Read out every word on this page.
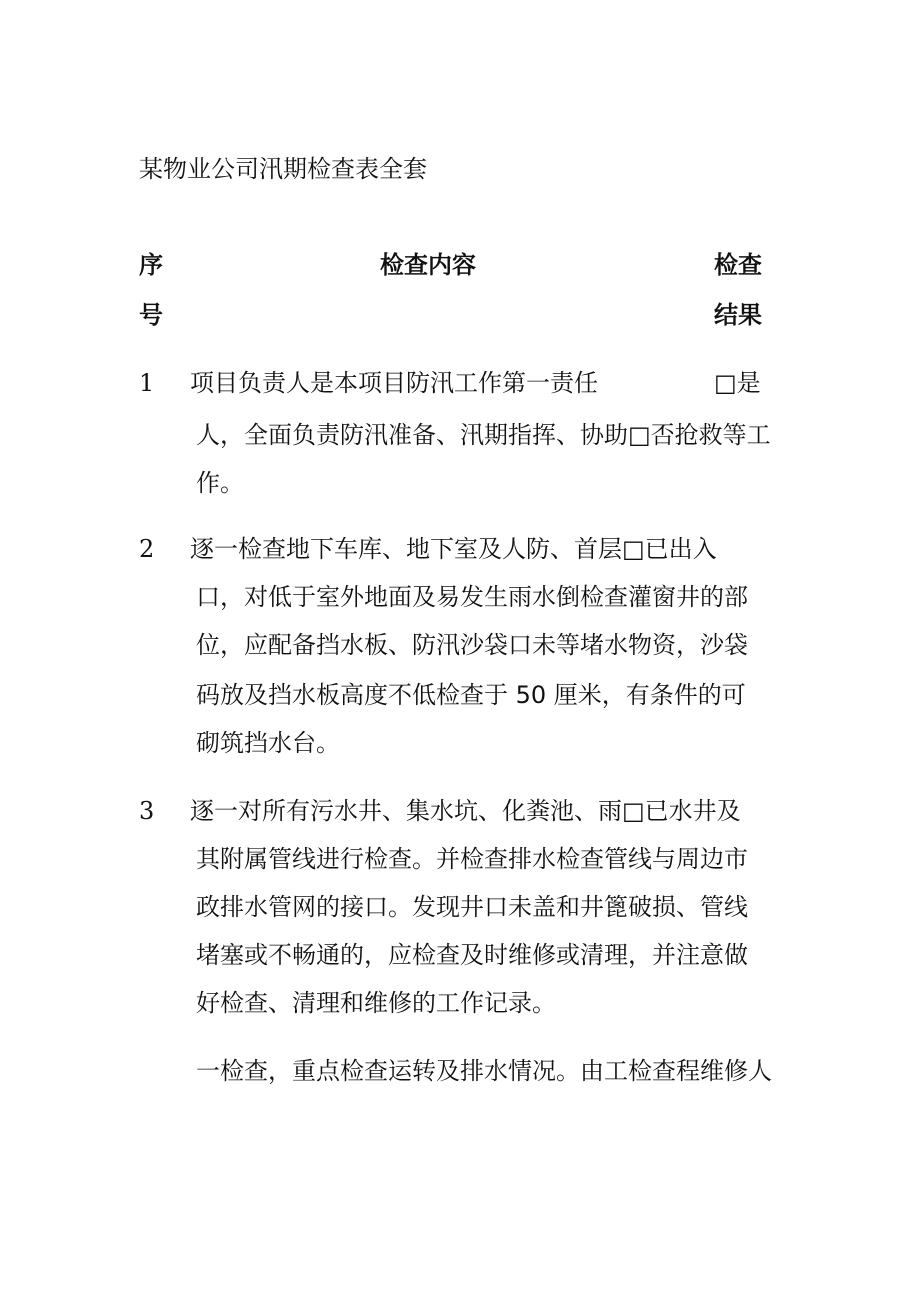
某物业公司汛期检查表全套
序
号
检查内容	检查
结果
1 项目负责人是本项目防汛工作第一责任	□是
人，全面负责防汛准备、汛期指挥、协助□否抢救等工
作。
2 逐一检查地下车库、地下室及人防、首层□已出入
口，对低于室外地面及易发生雨水倒检查灌窗井的部
位，应配备挡水板、防汛沙袋口未等堵水物资，沙袋
码放及挡水板高度不低检查于 50 厘米，有条件的可
砌筑挡水台。
3 逐一对所有污水井、集水坑、化粪池、雨□已水井及
其附属管线进行检查。并检查排水检查管线与周边市
政排水管网的接口。发现井口未盖和井篦破损、管线
堵塞或不畅通的，应检查及时维修或清理，并注意做
好检查、清理和维修的工作记录。
一检查，重点检查运转及排水情况。由工检查程维修人
